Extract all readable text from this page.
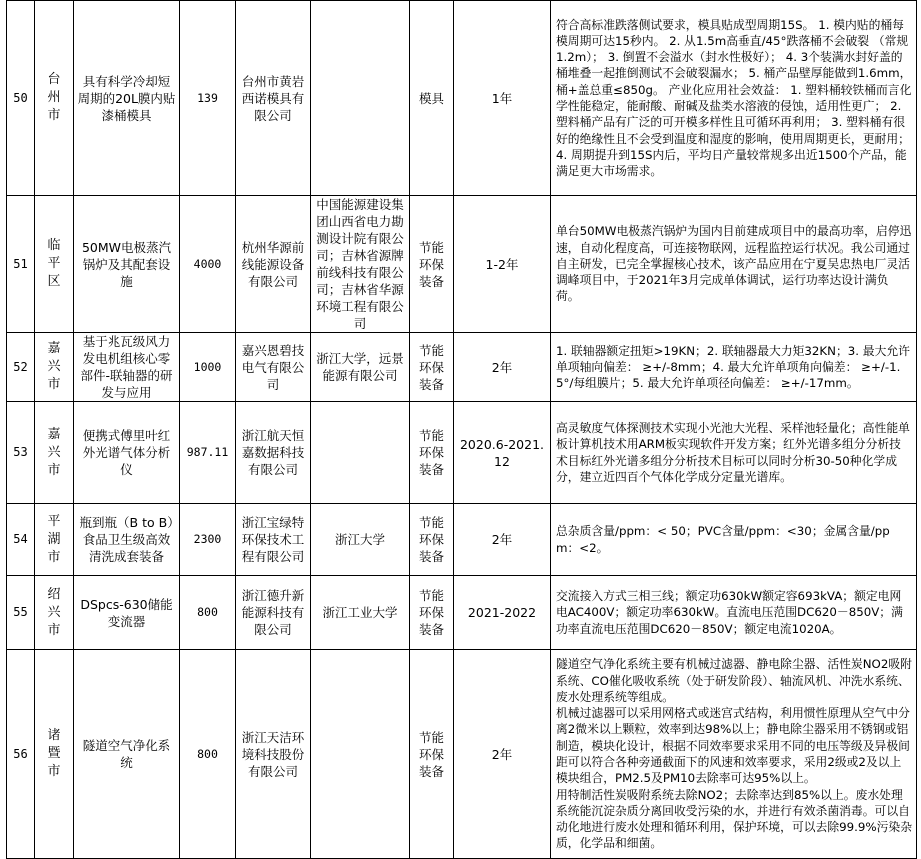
50	台州市	具有科学冷却短周期的20L膜内贴漆桶模具	139	台州市黄岩西诺模具有限公司		模具	1年	符合高标准跌落侧试要求，模具贴成型周期15S。 1. 模内贴的桶每模周期可达15秒内。 2. 从1.5m高垂直/45°跌落桶不会破裂 （常规1.2m）； 3. 倒置不会溢水（封水性极好）； 4. 3个装满水封好盖的桶堆叠一起推倒测试不会破裂漏水； 5. 桶产品壁厚能做到1.6mm，桶+盖总重≤850g。 产业化应用社会效益： 1. 塑料桶较铁桶而言化学性能稳定，能耐酸、耐碱及盐类水溶液的侵蚀，适用性更广； 2. 塑料桶产品有广泛的可开模多样性且可循环再利用； 3. 塑料桶有很好的绝缘性且不会受到温度和湿度的影响，使用周期更长，更耐用； 4. 周期提升到15S内后，平均日产量较常规多出近1500个产品，能满足更大市场需求。

51	临平区	50MW电极蒸汽锅炉及其配套设施	4000	杭州华源前线能源设备有限公司	中国能源建设集团山西省电力勘测设计院有限公司；吉林省源牌前线科技有限公司；吉林省华源环境工程有限公司	节能环保装备	1-2年	单台50MW电极蒸汽锅炉为国内目前建成项目中的最高功率，启停迅速，自动化程度高，可连接物联网，远程监控运行状况。我公司通过自主研发，已完全掌握核心技术，该产品应用在宁夏吴忠热电厂灵活调峰项目中，于2021年3月完成单体调试，运行功率达设计满负荷。

52	嘉兴市	基于兆瓦级风力发电机组核心零部件-联轴器的研发与应用	1000	嘉兴恩碧技电气有限公司	浙江大学，远景能源有限公司	节能环保装备	2年	1. 联轴器额定扭矩>19KN；2. 联轴器最大力矩32KN；3. 最大允许单项轴向偏差： ≥+/-8mm；4. 最大允许单项角向偏差： ≥+/-1.5°/每组膜片；5. 最大允许单项径向偏差： ≥+/-17mm。

53	嘉兴市	便携式傅里叶红外光谱气体分析仪	987.11	浙江航天恒嘉数据科技有限公司		节能环保装备	2020.6-2021.12	高灵敏度气体探测技术实现小光池大光程、采样池轻量化；高性能单板计算机技术用ARM板实现软件开发方案；红外光谱多组分分析技术目标红外光谱多组分分析技术目标可以同时分析30-50种化学成分，建立近四百个气体化学成分定量光谱库。

54	平湖市	瓶到瓶（B to B）食品卫生级高效清洗成套装备	2300	浙江宝绿特环保技术工程有限公司	浙江大学	节能环保装备	2年	总杂质含量/ppm：< 50；PVC含量/ppm：<30；金属含量/ppm：<2。

55	绍兴市	DSpcs-630储能变流器	800	浙江德升新能源科技有限公司	浙江工业大学	节能环保装备	2021-2022	交流接入方式三相三线；额定功630kW额定容693kVA；额定电网电AC400V；额定功率630kW。直流电压范围DC620－850V；满功率直流电压范围DC620－850V；额定电流1020A。

56	诸暨市	隧道空气净化系统	800	浙江天洁环境科技股份有限公司		节能环保装备	2年	隧道空气净化系统主要有机械过滤器、静电除尘器、活性炭NO2吸附系统、CO催化吸收系统（处于研发阶段）、轴流风机、冲洗水系统、废水处理系统等组成。
机械过滤器可以采用网格式或迷宫式结构，利用惯性原理从空气中分离2微米以上颗粒，效率到达98%以上；静电除尘器采用不锈钢或铝制造，模块化设计，根据不同效率要求采用不同的电压等级及异极间距可以符合各种旁通截面下的风速和效率要求，采用2级或2及以上模块组合，PM2.5及PM10去除率可达95%以上。
用特制活性炭吸附系统去除NO2；去除率达到85%以上。废水处理系统能沉淀杂质分离回收受污染的水，并进行有效杀菌消毒。可以自动化地进行废水处理和循环利用，保护环境，可以去除99.9%污染杂质，化学品和细菌。
